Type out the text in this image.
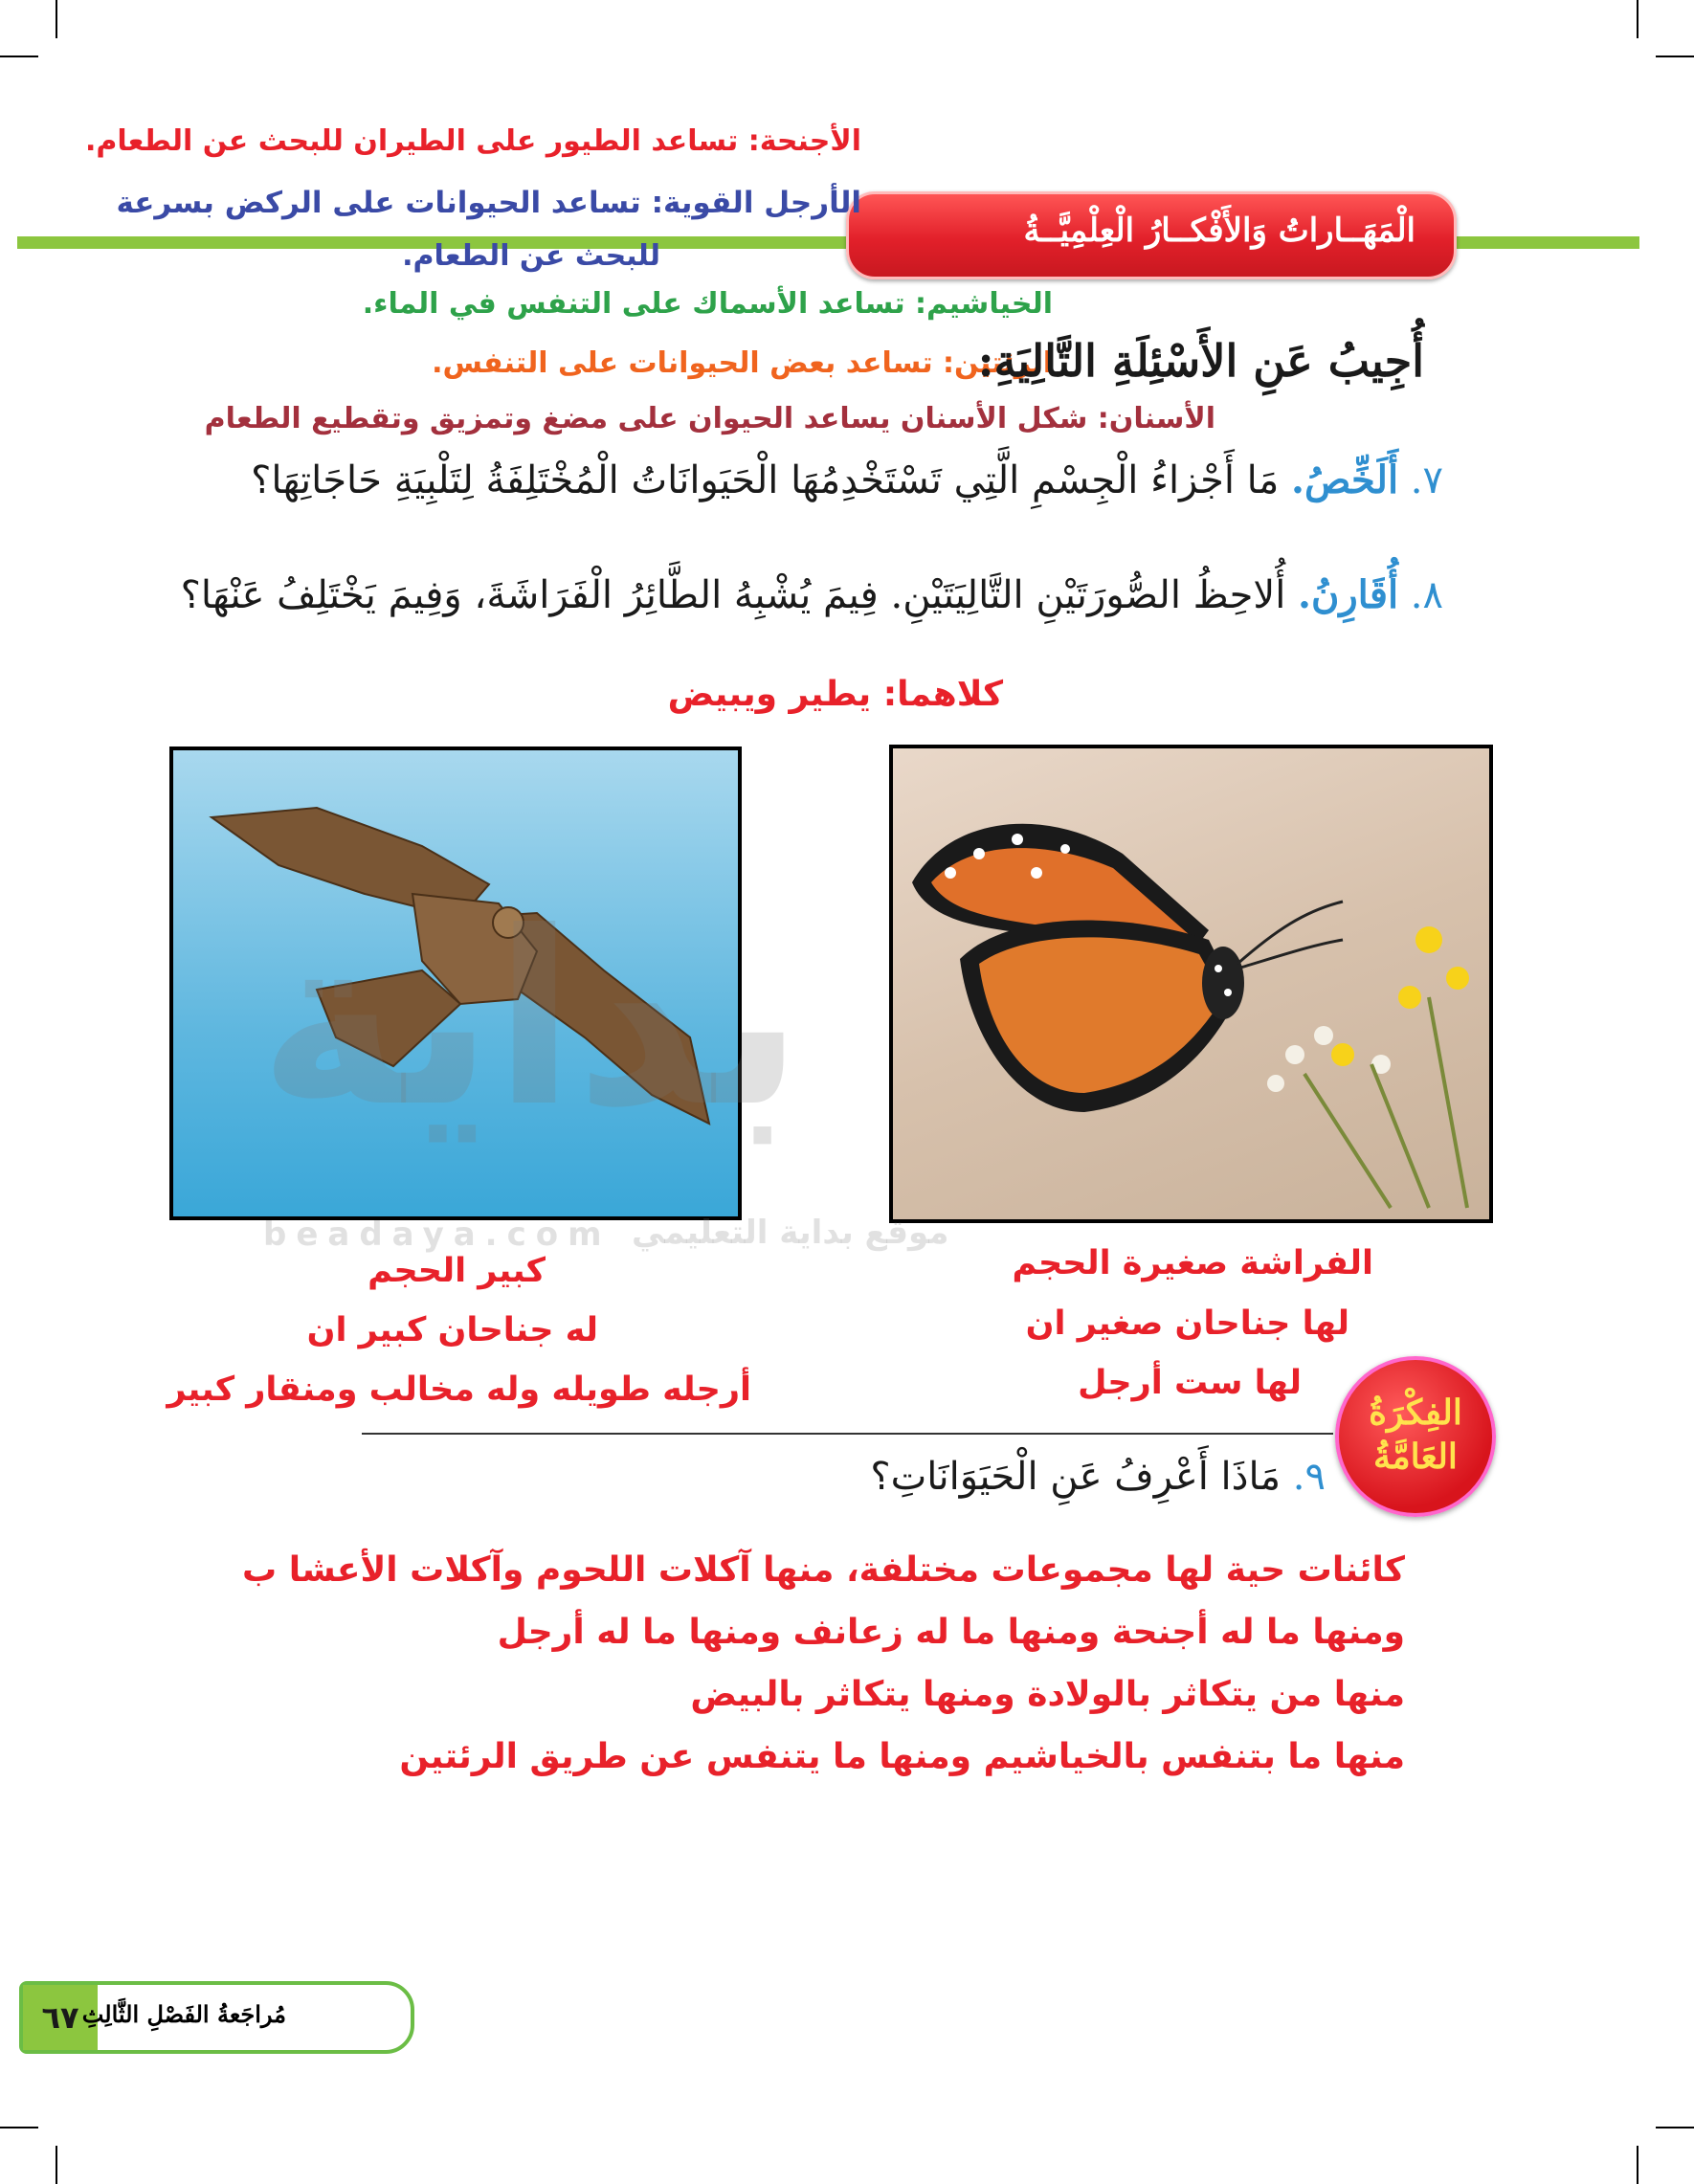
الْمَهَــاراتُ وَالأَفْكــارُ الْعِلْمِيَّــةُ
الأجنحة: تساعد الطيور على الطيران للبحث عن الطعام.
الأرجل القوية: تساعد الحيوانات على الركض بسرعة
للبحث عن الطعام.
الخياشيم: تساعد الأسماك على التنفس في الماء.
الرئتين: تساعد بعض الحيوانات على التنفس.
الأسنان: شكل الأسنان يساعد الحيوان على مضغ وتمزيق وتقطيع الطعام
أُجِيبُ عَنِ الأَسْئِلَةِ التَّالِيَةِ:
٧. أَلَخِّصُ. مَا أَجْزاءُ الْجِسْمِ الَّتِي تَسْتَخْدِمُهَا الْحَيَوانَاتُ الْمُخْتَلِفَةُ لِتَلْبِيَةِ حَاجَاتِهَا؟
٨. أُقَارِنُ. أُلاحِظُ الصُّورَتَيْنِ التَّالِيَتَيْنِ. فِيمَ يُشْبِهُ الطَّائِرُ الْفَرَاشَةَ، وَفِيمَ يَخْتَلِفُ عَنْهَا؟
كلاهما: يطير ويبيض
بداية
beadaya.com موقع بداية التعليمي
الفراشة صغيرة الحجم
لها جناحان صغير ان
لها ست أرجل
كبير الحجم
له جناحان كبير ان
أرجله طويله وله مخالب ومنقار كبير
الفِكْرَةُ
العَامَّةُ
٩. مَاذَا أَعْرِفُ عَنِ الْحَيَوَانَاتِ؟
كائنات حية لها مجموعات مختلفة، منها آكلات اللحوم وآكلات الأعشا ب
ومنها ما له أجنحة ومنها ما له زعانف ومنها ما له أرجل
منها من يتكاثر بالولادة ومنها يتكاثر بالبيض
منها ما بتنفس بالخياشيم ومنها ما يتنفس عن طريق الرئتين
٦٧ مُراجَعةُ الفَصْلِ الثَّالِثِ
